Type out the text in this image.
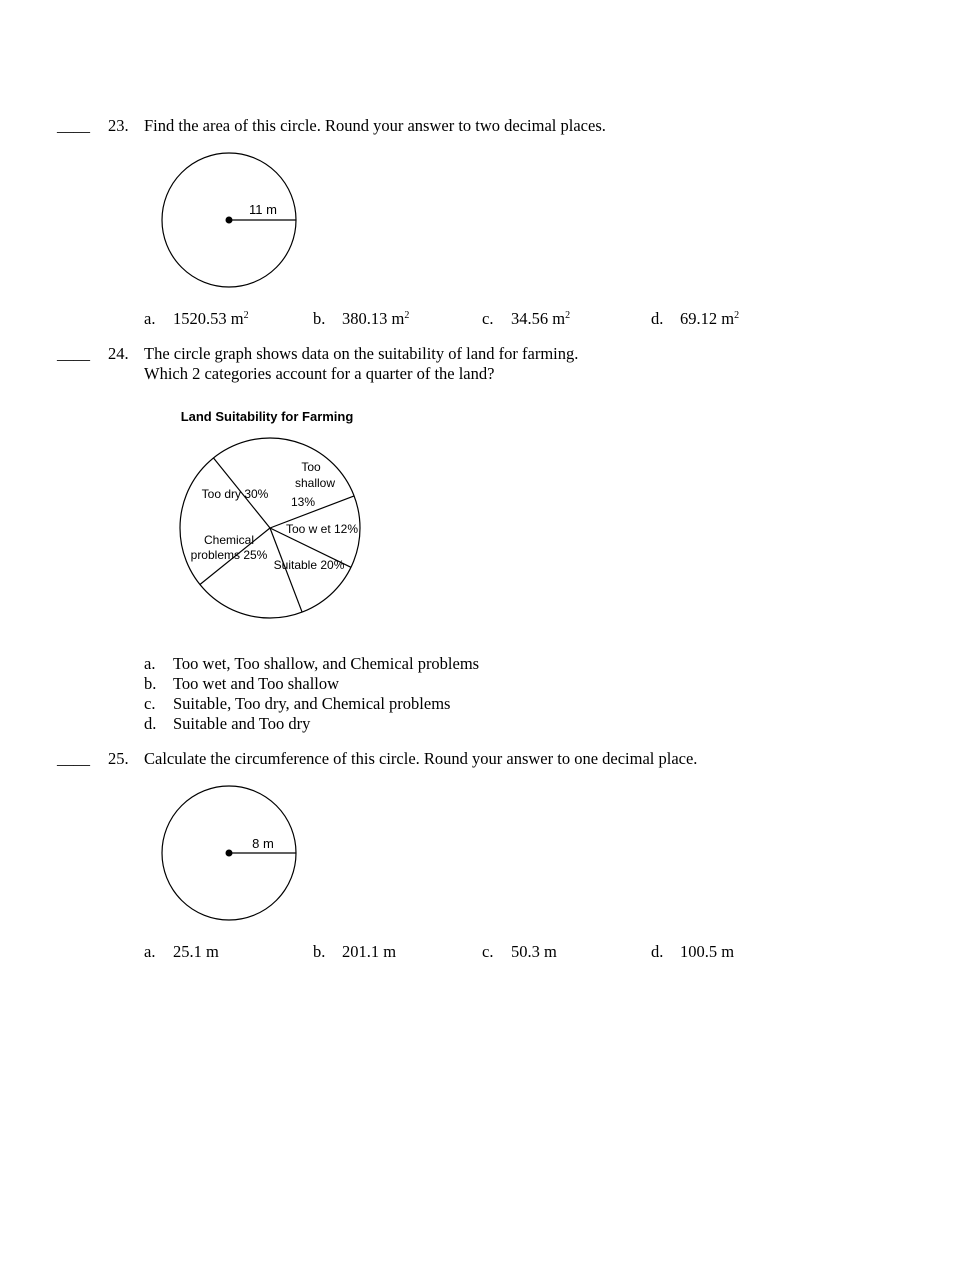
____ 23. Find the area of this circle. Round your answer to two decimal places.
11 m
a. 1520.53 $m^2$	b. 380.13 $m^2$	c. 34.56 $m^2$	d. 69.12 $m^2$
____ 24. The circle graph shows data on the suitability of land for farming.
Which 2 categories account for a quarter of the land?
Land Suitability for Farming
Too dry 30%
Too
shallow
13%
Too w et 12%
Suitable 20%
Chemical
problems 25%
a. Too wet, Too shallow, and Chemical problems
b. Too wet and Too shallow
c. Suitable, Too dry, and Chemical problems
d. Suitable and Too dry
____ 25. Calculate the circumference of this circle. Round your answer to one decimal place.
8 m
a. 25.1 m	b. 201.1 m	c. 50.3 m	d. 100.5 m
